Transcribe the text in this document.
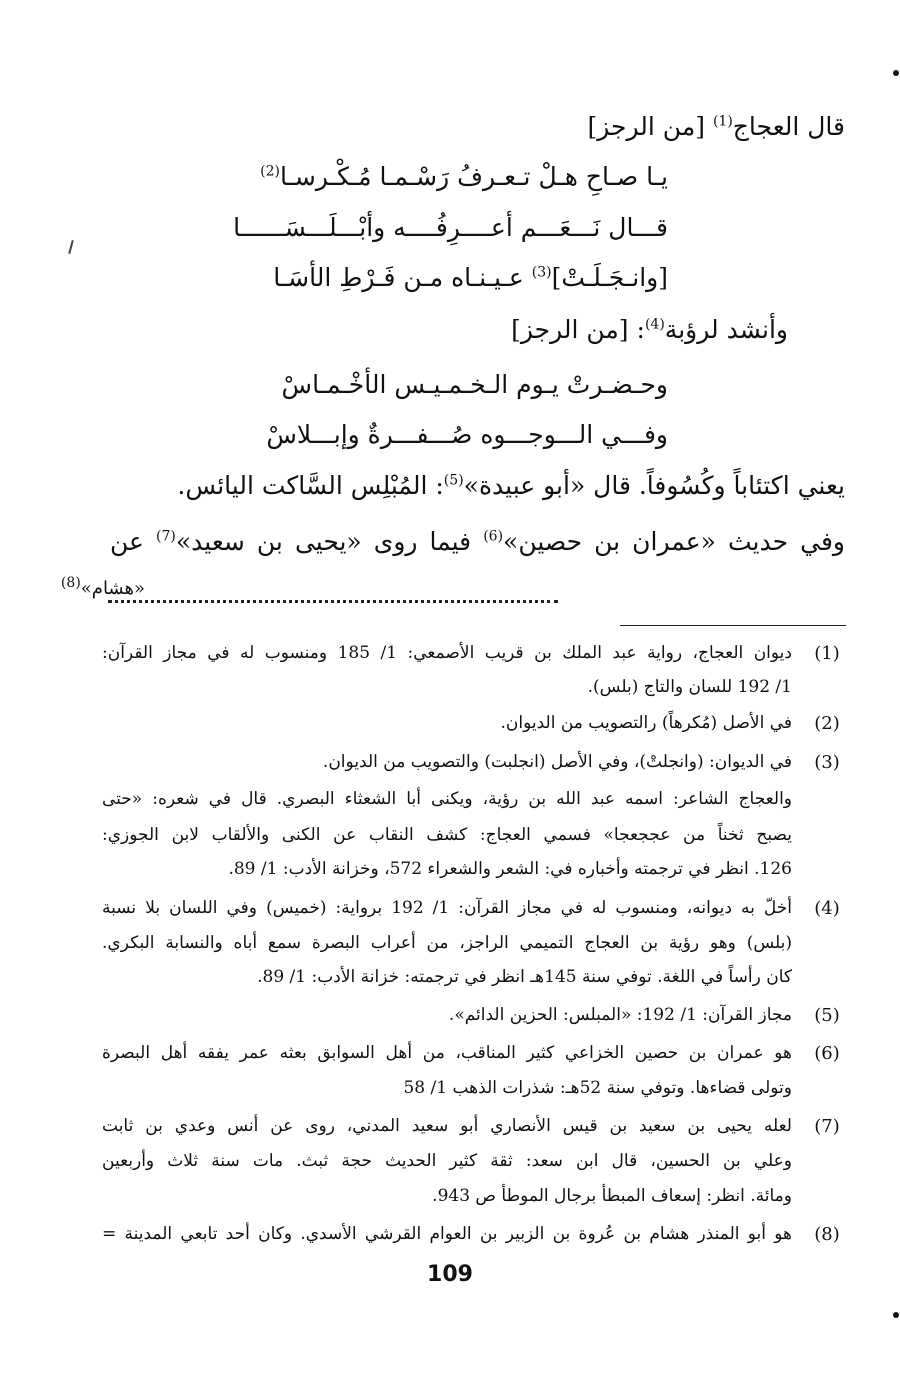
قال العجاج$^{(1)}$ [من الرجز]
يـا صـاحِ هـلْ تـعـرفُ رَسْـمـا مُـكْـرسـا$^{(2)}$
قـــال نَـــعَـــم أعــــرِفُــــه وأبْـــلَـــسَــــــا
[وانـجَـلَـتْ]$^{(3)}$ عـيـنـاه مـن فَـرْطِ الأسَـا
وأنشد لرؤبة$^{(4)}$: [من الرجز]
وحـضـرتْ يـوم الـخـمـيـس الأخْـمـاسْ
وفـــي الـــوجـــوه صُـــفـــرةٌ وإبـــلاسْ
يعني اكتئاباً وكُسُوفاً. قال «أبو عبيدة»$^{(5)}$: المُبْلِس السَّاكت اليائس.
وفي حديث «عمران بن حصين»$^{(6)}$ فيما روى «يحيى بن سعيد»$^{(7)}$ عن
«هشام»$^{(8)}$
(1)
ديوان العجاج، رواية عبد الملك بن قريب الأصمعي: 1/ 185 ومنسوب له في مجاز القرآن:
1/ 192 للسان والتاج (بلس).
(2)
في الأصل (مُكرهاً) رالتصويب من الديوان.
(3)
في الديوان: (وانجلتْ)، وفي الأصل (انجلبت) والتصويب من الديوان.
والعجاج الشاعر: اسمه عبد الله بن رؤية، ويكنى أبا الشعثاء البصري. قال في شعره: «حتى
يصبح ثخناً من عججعجا» فسمي العجاج: كشف النقاب عن الكنى والألقاب لابن الجوزي:
126. انظر في ترجمته وأخباره في: الشعر والشعراء 572، وخزانة الأدب: 1/ 89.
(4)
أخلّ به ديوانه، ومنسوب له في مجاز القرآن: 1/ 192 برواية: (خميس) وفي اللسان بلا نسبة
(بلس) وهو رؤية بن العجاج التميمي الراجز، من أعراب البصرة سمع أباه والنسابة البكري.
كان رأساً في اللغة. توفي سنة 145هـ انظر في ترجمته: خزانة الأدب: 1/ 89.
(5)
مجاز القرآن: 1/ 192: «المبلس: الحزين الدائم».
(6)
هو عمران بن حصين الخزاعي كثير المناقب، من أهل السوابق بعثه عمر يفقه أهل البصرة
وتولى قضاءها. وتوفي سنة 52هـ: شذرات الذهب 1/ 58
(7)
لعله يحيى بن سعيد بن قيس الأنصاري أبو سعيد المدني، روى عن أنس وعدي بن ثابت
وعلي بن الحسين، قال ابن سعد: ثقة كثير الحديث حجة ثبث. مات سنة ثلاث وأربعين
ومائة. انظر: إسعاف المبطأ برجال الموطأ ص 943.
(8)
هو أبو المنذر هشام بن عُروة بن الزبير بن العوام القرشي الأسدي. وكان أحد تابعي المدينة =
109
